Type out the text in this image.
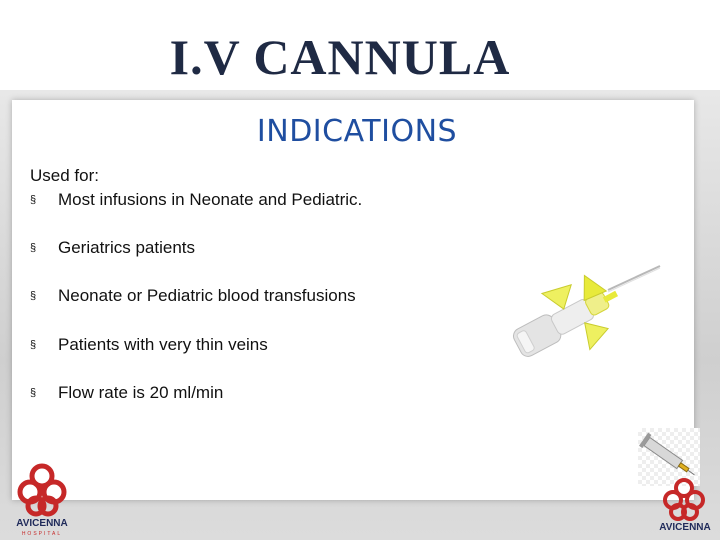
I.V CANNULA
INDICATIONS
Used for:
§ Most infusions in Neonate and Pediatric.
§ Geriatrics patients
§ Neonate or Pediatric blood transfusions
§ Patients with very thin veins
§ Flow rate is 20 ml/min
AVICENNA
HOSPITAL
AVICENNA
